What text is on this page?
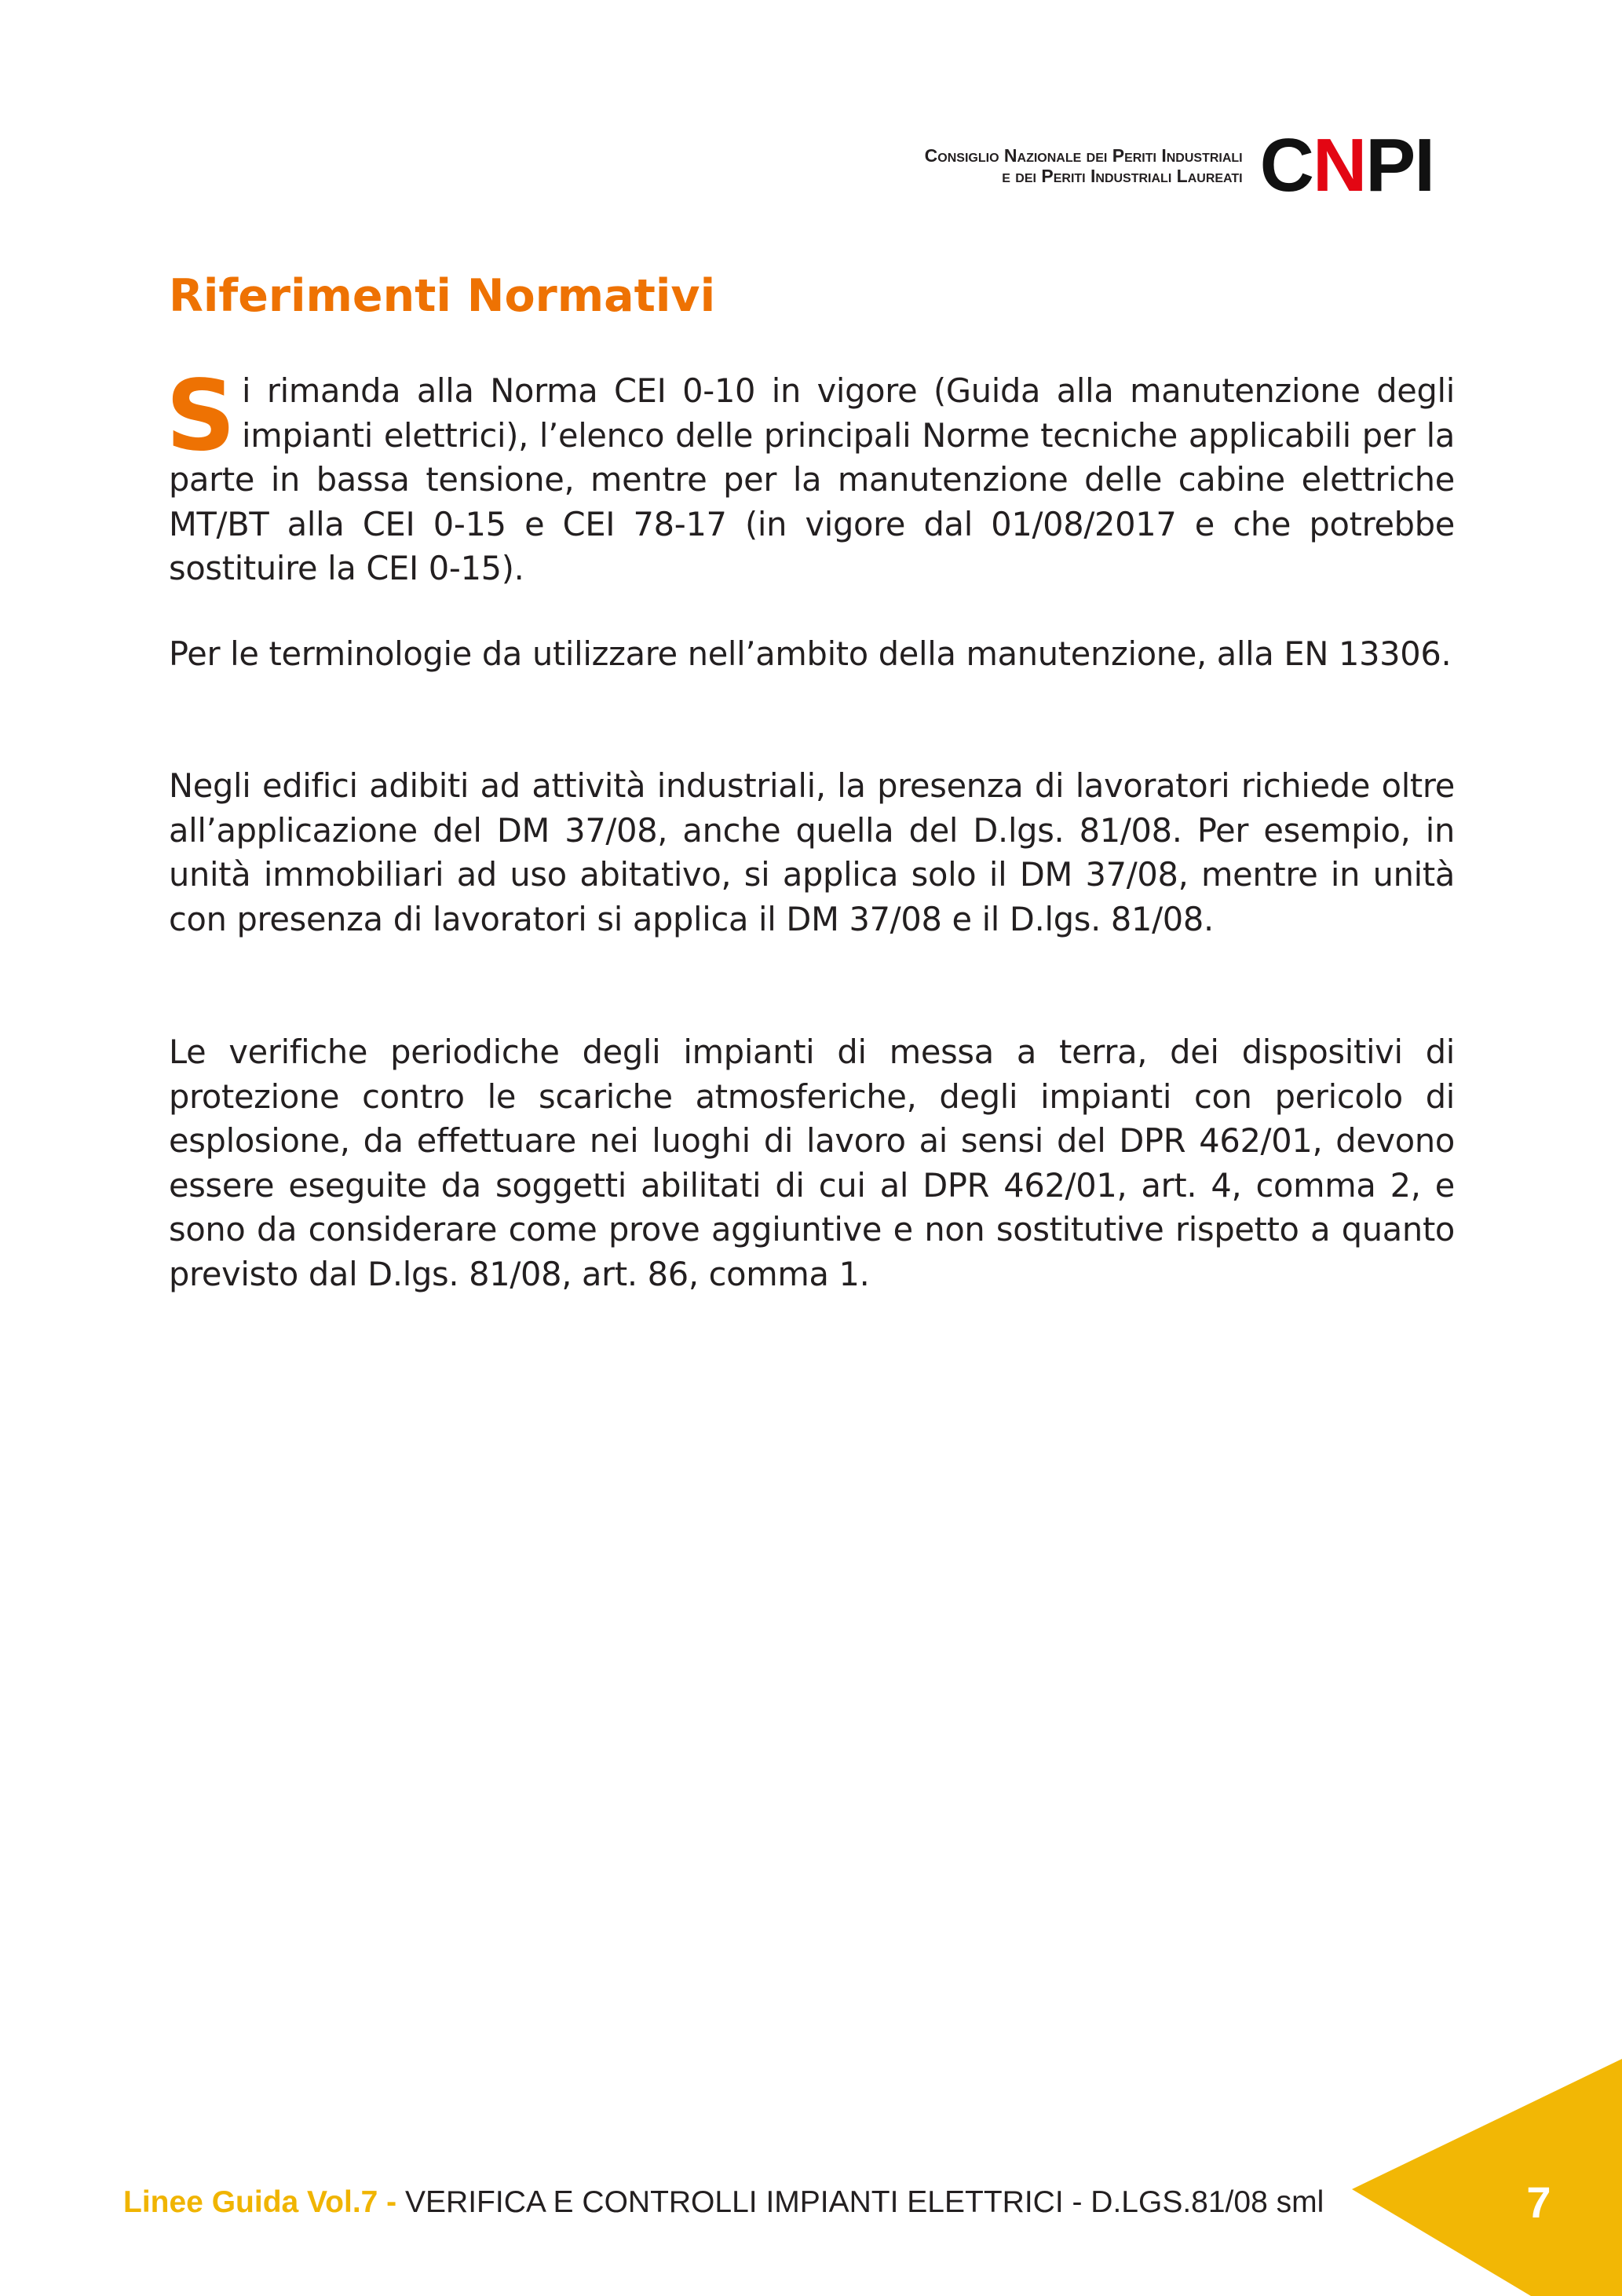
Consiglio Nazionale dei Periti Industriali
e dei Periti Industriali Laureati CNPI
Riferimenti Normativi

Si rimanda alla Norma CEI 0-10 in vigore (Guida alla manutenzione degli impianti elettrici), l’elenco delle principali Norme tecniche applicabili per la parte in bassa tensione, mentre per la manutenzione delle cabine elettriche MT/BT alla CEI 0-15 e CEI 78-17 (in vigore dal 01/08/2017 e che potrebbe sostituire la CEI 0-15).

Per le terminologie da utilizzare nell’ambito della manutenzione, alla EN 13306.

Negli edifici adibiti ad attività industriali, la presenza di lavoratori richiede oltre all’applicazione del DM 37/08, anche quella del D.lgs. 81/08. Per esempio, in unità immobiliari ad uso abitativo, si applica solo il DM 37/08, mentre in unità con presenza di lavoratori si applica il DM 37/08 e il D.lgs. 81/08.

Le verifiche periodiche degli impianti di messa a terra, dei dispositivi di protezione contro le scariche atmosferiche, degli impianti con pericolo di esplosione, da effettuare nei luoghi di lavoro ai sensi del DPR 462/01, devono essere eseguite da soggetti abilitati di cui al DPR 462/01, art. 4, comma 2, e sono da considerare come prove aggiuntive e non sostitutive rispetto a quanto previsto dal D.lgs. 81/08, art. 86, comma 1.

Linee Guida Vol.7 - VERIFICA E CONTROLLI IMPIANTI ELETTRICI - D.LGS.81/08 sml	7
